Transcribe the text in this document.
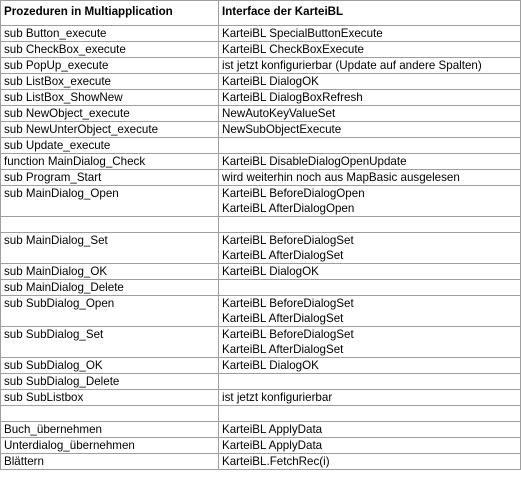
Prozeduren in Multiapplication	Interface der KarteiBL
sub Button_execute	KarteiBL SpecialButtonExecute

sub CheckBox_execute	KarteiBL CheckBoxExecute

sub PopUp_execute	ist jetzt konfigurierbar (Update auf andere Spalten)

sub ListBox_execute	KarteiBL DialogOK

sub ListBox_ShowNew	KarteiBL DialogBoxRefresh

sub NewObject_execute	NewAutoKeyValueSet

sub NewUnterObject_execute	NewSubObjectExecute

sub Update_execute	

function MainDialog_Check	KarteiBL DisableDialogOpenUpdate

sub Program_Start	wird weiterhin noch aus MapBasic ausgelesen

sub MainDialog_Open	KarteiBL BeforeDialogOpen
KarteiBL AfterDialogOpen

sub MainDialog_Set	KarteiBL BeforeDialogSet
KarteiBL AfterDialogSet

sub MainDialog_OK	KarteiBL DialogOK

sub MainDialog_Delete	

sub SubDialog_Open	KarteiBL BeforeDialogSet
KarteiBL AfterDialogSet

sub SubDialog_Set	KarteiBL BeforeDialogSet
KarteiBL AfterDialogSet

sub SubDialog_OK	KarteiBL DialogOK

sub SubDialog_Delete	

sub SubListbox	ist jetzt konfigurierbar

Buch_übernehmen	KarteiBL ApplyData

Unterdialog_übernehmen	KarteiBL ApplyData

Blättern	KarteiBL.FetchRec(i)
